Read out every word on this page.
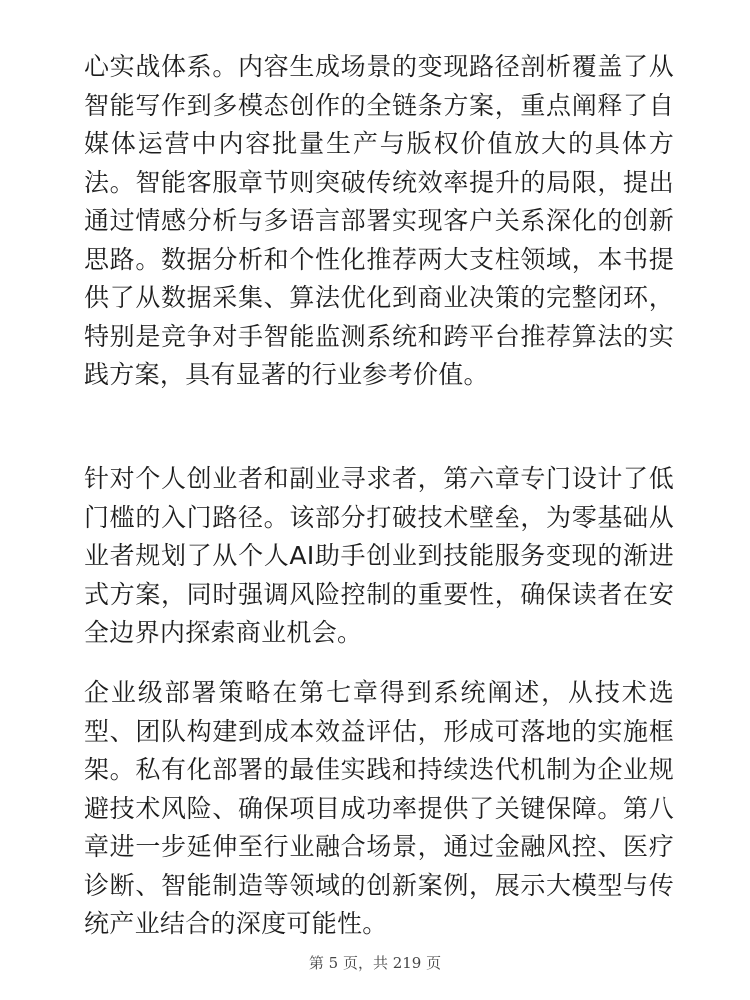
心实战体系。内容生成场景的变现路径剖析覆盖了从智能写作到多模态创作的全链条方案，重点阐释了自媒体运营中内容批量生产与版权价值放大的具体方法。智能客服章节则突破传统效率提升的局限，提出通过情感分析与多语言部署实现客户关系深化的创新思路。数据分析和个性化推荐两大支柱领域，本书提供了从数据采集、算法优化到商业决策的完整闭环，特别是竞争对手智能监测系统和跨平台推荐算法的实践方案，具有显著的行业参考价值。

针对个人创业者和副业寻求者，第六章专门设计了低门槛的入门路径。该部分打破技术壁垒，为零基础从业者规划了从个人AI助手创业到技能服务变现的渐进式方案，同时强调风险控制的重要性，确保读者在安全边界内探索商业机会。

企业级部署策略在第七章得到系统阐述，从技术选型、团队构建到成本效益评估，形成可落地的实施框架。私有化部署的最佳实践和持续迭代机制为企业规避技术风险、确保项目成功率提供了关键保障。第八章进一步延伸至行业融合场景，通过金融风控、医疗诊断、智能制造等领域的创新案例，展示大模型与传统产业结合的深度可能性。

第 5 页，共 219 页
